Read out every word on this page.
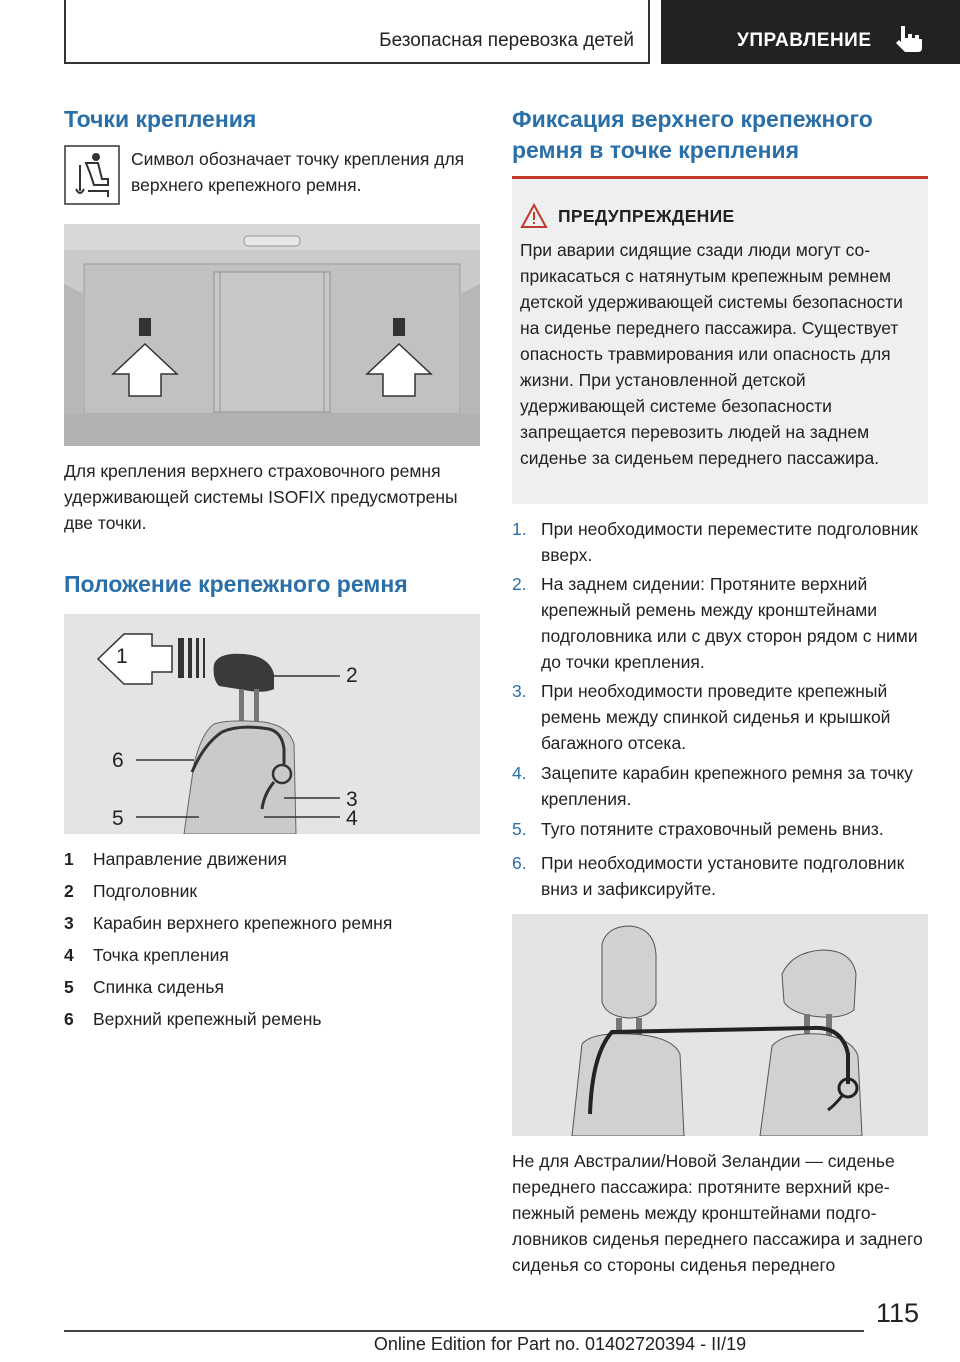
Безопасная перевозка детей	УПРАВЛЕНИЕ
Точки крепления
Символ обозначает точку крепления для верхнего крепежного ремня.
Для крепления верхнего страховочного ремня удерживающей системы ISOFIX предусмотрены две точки.
Положение крепежного ремня
1
2
6
3
5	4
1 Направление движения
2 Подголовник
3 Карабин верхнего крепежного ремня
4 Точка крепления
5 Спинка сиденья
6 Верхний крепежный ремень
Фиксация верхнего крепежного ремня в точке крепления
ПРЕДУПРЕЖДЕНИЕ
При аварии сидящие сзади люди могут соприкасаться с натянутым крепежным ремнем детской удерживающей системы безопасности на сиденье переднего пассажира. Существует опасность травмирования или опасность для жизни. При установленной детской удерживающей системе безопасности запрещается перевозить людей на заднем сиденье за сиденьем переднего пассажира.
1. При необходимости переместите подголовник вверх.
2. На заднем сидении: Протяните верхний крепежный ремень между кронштейнами подголовника или с двух сторон рядом с ними до точки крепления.
3. При необходимости проведите крепежный ремень между спинкой сиденья и крышкой багажного отсека.
4. Зацепите карабин крепежного ремня за точку крепления.
5. Туго потяните страховочный ремень вниз.
6. При необходимости установите подголовник вниз и зафиксируйте.
Не для Австралии/Новой Зеландии — сиденье переднего пассажира: протяните верхний крепежный ремень между кронштейнами подголовников сиденья переднего пассажира и заднего сиденья со стороны сиденья переднего
115
Online Edition for Part no. 01402720394 - II/19
